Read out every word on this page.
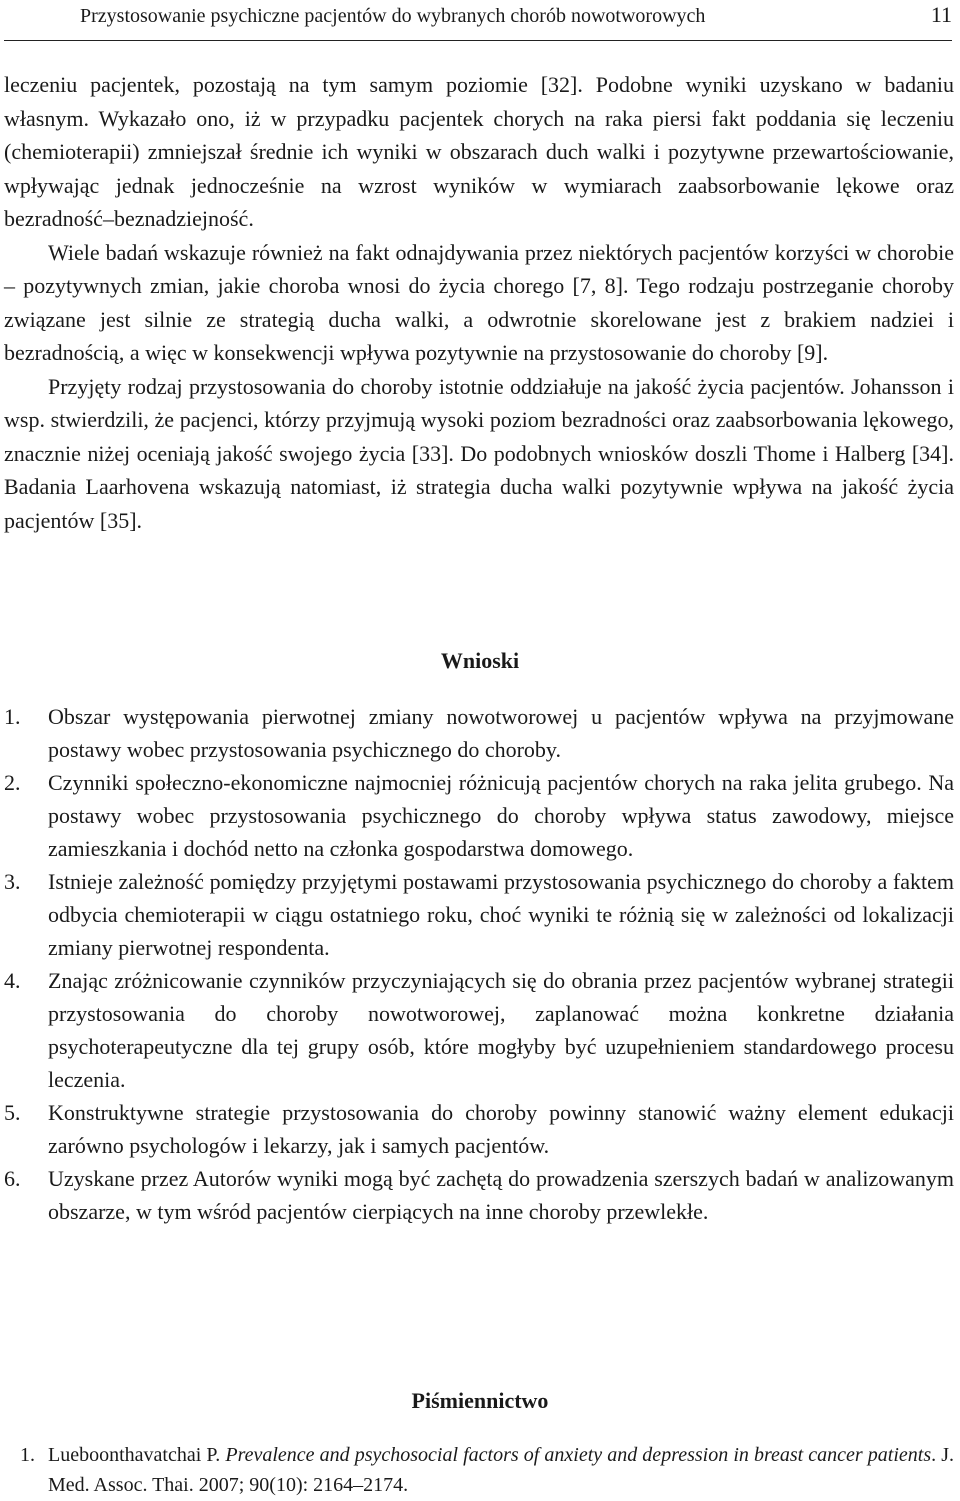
Przystosowanie psychiczne pacjentów do wybranych chorób nowotworowych	11

leczeniu pacjentek, pozostają na tym samym poziomie [32]. Podobne wyniki uzyskano w badaniu własnym. Wykazało ono, iż w przypadku pacjentek chorych na raka piersi fakt poddania się leczeniu (chemioterapii) zmniejszał średnie ich wyniki w obszarach duch walki i pozytywne przewartościowanie, wpływając jednak jednocześnie na wzrost wyników w wymiarach zaabsorbowanie lękowe oraz bezradność–beznadziejność.

Wiele badań wskazuje również na fakt odnajdywania przez niektórych pacjentów korzyści w chorobie – pozytywnych zmian, jakie choroba wnosi do życia chorego [7, 8]. Tego rodzaju postrzeganie choroby związane jest silnie ze strategią ducha walki, a odwrotnie skorelowane jest z brakiem nadziei i bezradnością, a więc w konsekwencji wpływa pozytywnie na przystosowanie do choroby [9].

Przyjęty rodzaj przystosowania do choroby istotnie oddziałuje na jakość życia pacjentów. Johansson i wsp. stwierdzili, że pacjenci, którzy przyjmują wysoki poziom bezradności oraz zaabsorbowania lękowego, znacznie niżej oceniają jakość swojego życia [33]. Do podobnych wniosków doszli Thome i Halberg [34]. Badania Laarhovena wskazują natomiast, iż strategia ducha walki pozytywnie wpływa na jakość życia pacjentów [35].

Wnioski
1. Obszar występowania pierwotnej zmiany nowotworowej u pacjentów wpływa na przyjmowane postawy wobec przystosowania psychicznego do choroby.
2. Czynniki społeczno-ekonomiczne najmocniej różnicują pacjentów chorych na raka jelita grubego. Na postawy wobec przystosowania psychicznego do choroby wpływa status zawodowy, miejsce zamieszkania i dochód netto na członka gospodarstwa domowego.
3. Istnieje zależność pomiędzy przyjętymi postawami przystosowania psychicznego do choroby a faktem odbycia chemioterapii w ciągu ostatniego roku, choć wyniki te różnią się w zależności od lokalizacji zmiany pierwotnej respondenta.
4. Znając zróżnicowanie czynników przyczyniających się do obrania przez pacjentów wybranej strategii przystosowania do choroby nowotworowej, zaplanować można konkretne działania psychoterapeutyczne dla tej grupy osób, które mogłyby być uzupełnieniem standardowego procesu leczenia.
5. Konstruktywne strategie przystosowania do choroby powinny stanowić ważny element edukacji zarówno psychologów i lekarzy, jak i samych pacjentów.
6. Uzyskane przez Autorów wyniki mogą być zachętą do prowadzenia szerszych badań w analizowanym obszarze, w tym wśród pacjentów cierpiących na inne choroby przewlekłe.
Piśmiennictwo
1. Lueboonthavatchai P. Prevalence and psychosocial factors of anxiety and depression in breast cancer patients. J. Med. Assoc. Thai. 2007; 90(10): 2164–2174.
